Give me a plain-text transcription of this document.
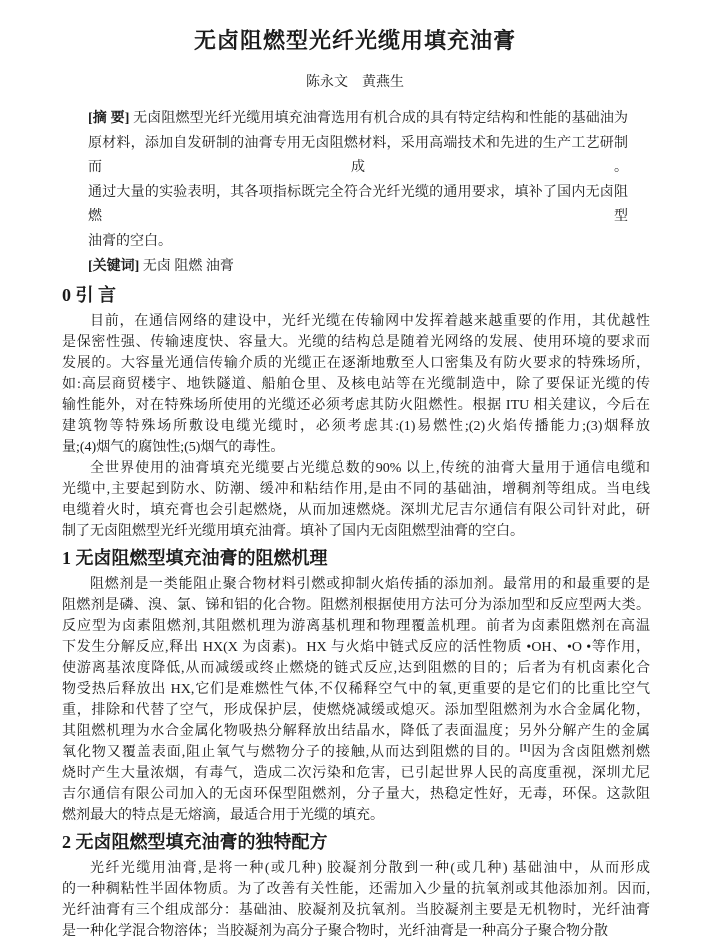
无卤阻燃型光纤光缆用填充油膏
陈永文　黄燕生
[摘 要] 无卤阻燃型光纤光缆用填充油膏选用有机合成的具有特定结构和性能的基础油为
原材料，添加自发研制的油膏专用无卤阻燃材料，采用高端技术和先进的生产工艺研制而成。
通过大量的实验表明，其各项指标既完全符合光纤光缆的通用要求，填补了国内无卤阻燃型
油膏的空白。
[关键词] 无卤 阻燃 油膏
0 引 言
目前，在通信网络的建设中，光纤光缆在传输网中发挥着越来越重要的作用，其优越性
是保密性强、传输速度快、容量大。光缆的结构总是随着光网络的发展、使用环境的要求而
发展的。大容量光通信传输介质的光缆正在逐渐地敷至人口密集及有防火要求的特殊场所，
如:高层商贸楼宇、地铁隧道、船舶仓里、及核电站等在光缆制造中，除了要保证光缆的传
输性能外，对在特殊场所使用的光缆还必须考虑其防火阻燃性。根据 ITU 相关建议，今后在
建筑物等特殊场所敷设电缆光缆时，必须考虑其:(1)易燃性;(2)火焰传播能力;(3)烟释放
量;(4)烟气的腐蚀性;(5)烟气的毒性。
全世界使用的油膏填充光缆要占光缆总数的90% 以上,传统的油膏大量用于通信电缆和
光缆中,主要起到防水、防潮、缓冲和粘结作用,是由不同的基础油，增稠剂等组成。当电线
电缆着火时，填充膏也会引起燃烧，从而加速燃烧。深圳尤尼吉尔通信有限公司针对此，研
制了无卤阻燃型光纤光缆用填充油膏。填补了国内无卤阻燃型油膏的空白。
1 无卤阻燃型填充油膏的阻燃机理
阻燃剂是一类能阻止聚合物材料引燃或抑制火焰传插的添加剂。最常用的和最重要的是
阻燃剂是磷、溴、氯、锑和铝的化合物。阻燃剂根据使用方法可分为添加型和反应型两大类。
反应型为卤素阻燃剂,其阻燃机理为游离基机理和物理覆盖机理。前者为卤素阻燃剂在高温
下发生分解反应,释出 HX(X 为卤素)。HX 与火焰中链式反应的活性物质 •OH、•O •等作用，
使游离基浓度降低,从而减缓或终止燃烧的链式反应,达到阻燃的目的；后者为有机卤素化合
物受热后释放出 HX,它们是难燃性气体,不仅稀释空气中的氧,更重要的是它们的比重比空气
重，排除和代替了空气，形成保护层，使燃烧减缓或熄灭。添加型阻燃剂为水合金属化物，
其阻燃机理为水合金属化物吸热分解释放出结晶水，降低了表面温度；另外分解产生的金属
氧化物又覆盖表面,阻止氧气与燃物分子的接触,从而达到阻燃的目的。[1]因为含卤阻燃剂燃
烧时产生大量浓烟，有毒气，造成二次污染和危害，已引起世界人民的高度重视，深圳尤尼
吉尔通信有限公司加入的无卤环保型阻燃剂，分子量大，热稳定性好，无毒，环保。这款阻
燃剂最大的特点是无熔滴，最适合用于光缆的填充。
2 无卤阻燃型填充油膏的独特配方
光纤光缆用油膏,是将一种(或几种) 胶凝剂分散到一种(或几种) 基础油中，从而形成
的一种稠粘性半固体物质。为了改善有关性能，还需加入少量的抗氧剂或其他添加剂。因而,
光纤油膏有三个组成部分：基础油、胶凝剂及抗氧剂。当胶凝剂主要是无机物时，光纤油膏
是一种化学混合物溶体；当胶凝剂为高分子聚合物时，光纤油膏是一种高分子聚合物分散
